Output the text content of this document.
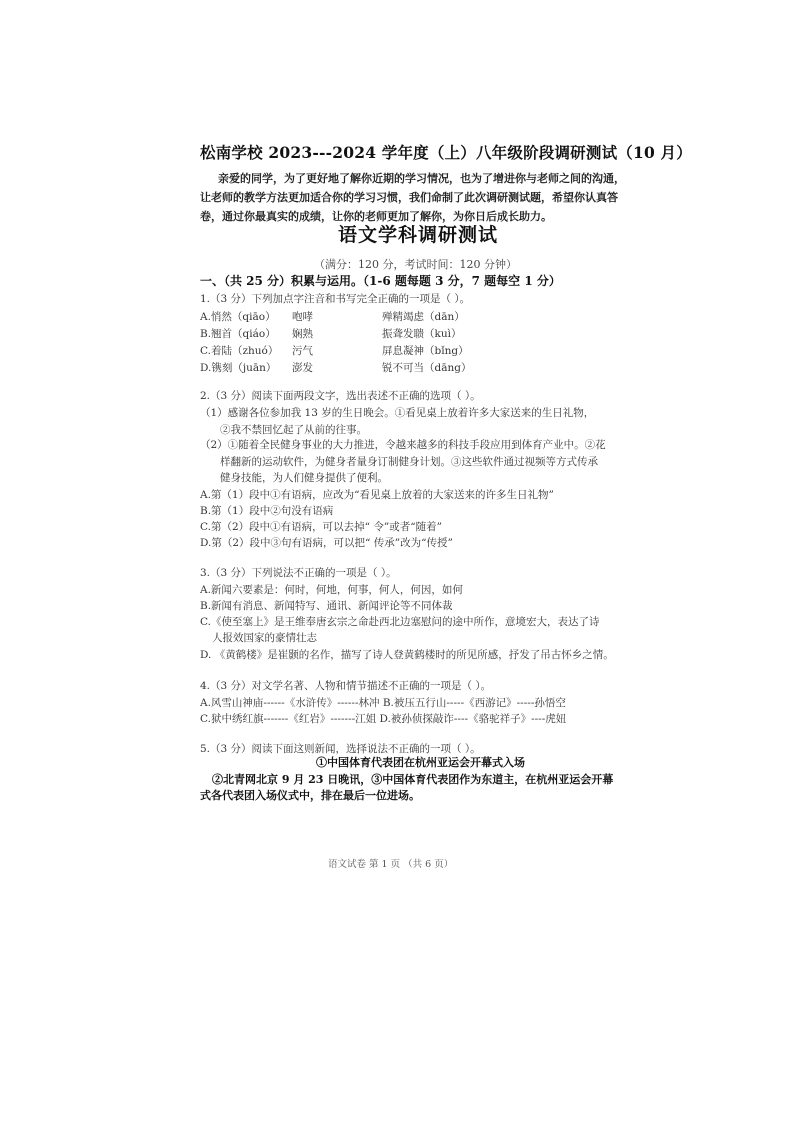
松南学校 2023---2024 学年度（上）八年级阶段调研测试（10 月）
亲爱的同学，为了更好地了解你近期的学习情况，也为了增进你与老师之间的沟通，
让老师的教学方法更加适合你的学习习惯，我们命制了此次调研测试题，希望你认真答
卷，通过你最真实的成绩，让你的老师更加了解你，为你日后成长助力。
语文学科调研测试
（满分：120 分，考试时间：120 分钟）
一、（共 25 分）积累与运用。（1-6 题每题 3 分，7 题每空 1 分）
1.（3 分）下列加点字注音和书写完全正确的一项是（ ）。
A.悄然（qiāo） 咆哮	殚精竭虑（dān）
B.翘首（qiáo） 娴熟	振聋发聩（kuì）
C.着陆（zhuó） 污气	屏息凝神（bǐng）
D.镌刻（juān） 澎发	锐不可当（dāng）
2.（3 分）阅读下面两段文字，选出表述不正确的选项（ ）。
（1）感谢各位参加我 13 岁的生日晚会。①看见桌上放着许多大家送来的生日礼物，
②我不禁回忆起了从前的往事。
（2）①随着全民健身事业的大力推进，令越来越多的科技手段应用到体育产业中。②花
样翻新的运动软件，为健身者量身订制健身计划。③这些软件通过视频等方式传承
健身技能，为人们健身提供了便利。
A.第（1）段中①有语病，应改为“看见桌上放着的大家送来的许多生日礼物”
B.第（1）段中②句没有语病
C.第（2）段中①有语病，可以去掉“ 令”或者“随着”
D.第（2）段中③句有语病，可以把“ 传承”改为“传授”
3.（3 分）下列说法不正确的一项是（ ）。
A.新闻六要素是：何时，何地，何事，何人，何因，如何
B.新闻有消息、新闻特写、通讯、新闻评论等不同体裁
C.《使至塞上》是王维奉唐玄宗之命赴西北边塞慰问的途中所作，意境宏大，表达了诗
人报效国家的豪情壮志
D. 《黄鹤楼》是崔颢的名作，描写了诗人登黄鹤楼时的所见所感，抒发了吊古怀乡之情。
4.（3 分）对文学名著、人物和情节描述不正确的一项是（ ）。
A.风雪山神庙------《水浒传》------林冲 B.被压五行山-----《西游记》-----孙悟空
C.狱中绣红旗-------《红岩》-------江姐 D.被孙侦探敲诈----《骆驼祥子》----虎妞
5.（3 分）阅读下面这则新闻，选择说法不正确的一项（ ）。
①中国体育代表团在杭州亚运会开幕式入场
②北青网北京 9 月 23 日晚讯，③中国体育代表团作为东道主，在杭州亚运会开幕
式各代表团入场仪式中，排在最后一位进场。
语文试卷 第 1 页 （共 6 页）
